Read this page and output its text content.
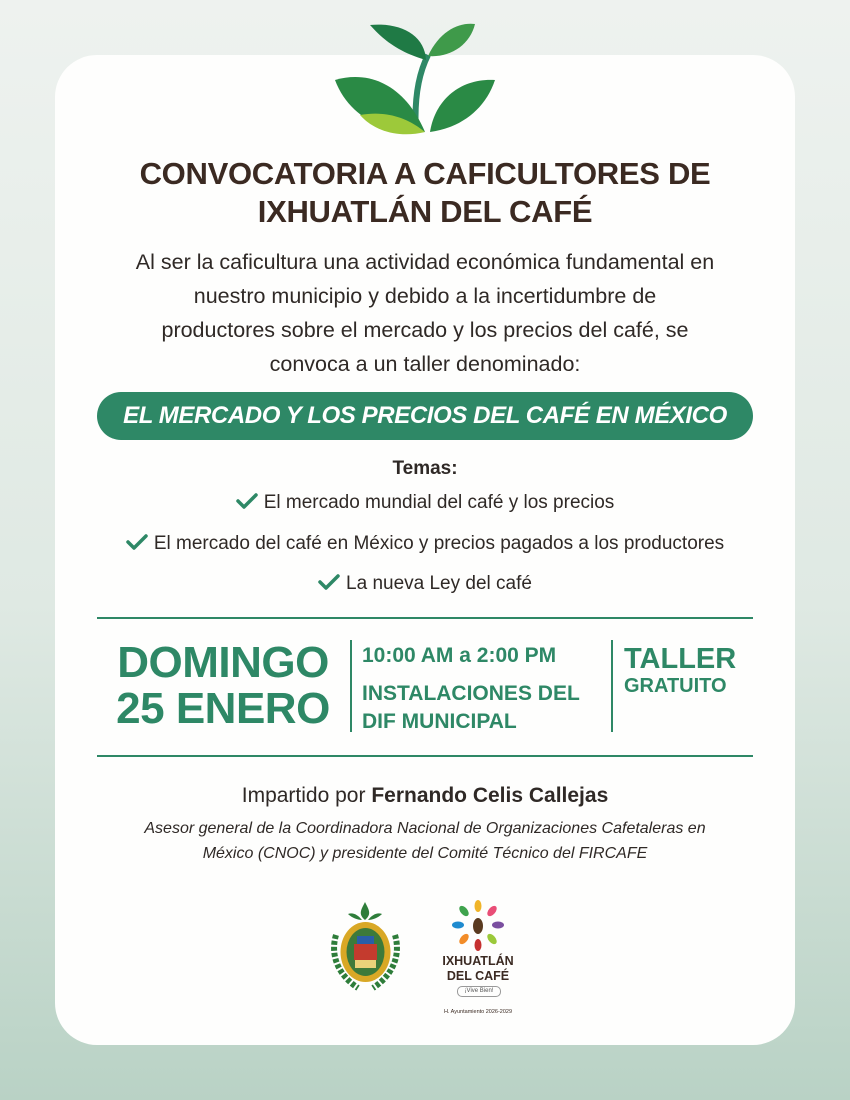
CONVOCATORIA A CAFICULTORES DE
IXHUATLÁN DEL CAFÉ
Al ser la caficultura una actividad económica fundamental en
nuestro municipio y debido a la incertidumbre de
productores sobre el mercado y los precios del café, se
convoca a un taller denominado:
EL MERCADO Y LOS PRECIOS DEL CAFÉ EN MÉXICO
Temas:
El mercado mundial del café y los precios
El mercado del café en México y precios pagados a los productores
La nueva Ley del café
DOMINGO
25 ENERO
10:00 AM a 2:00 PM
INSTALACIONES DEL
DIF MUNICIPAL
TALLER
GRATUITO
Impartido por Fernando Celis Callejas
Asesor general de la Coordinadora Nacional de Organizaciones Cafetaleras en
México (CNOC) y presidente del Comité Técnico del FIRCAFE
IXHUATLÁN
DEL CAFÉ
¡Vive Bien!
H. Ayuntamiento 2026-2029
